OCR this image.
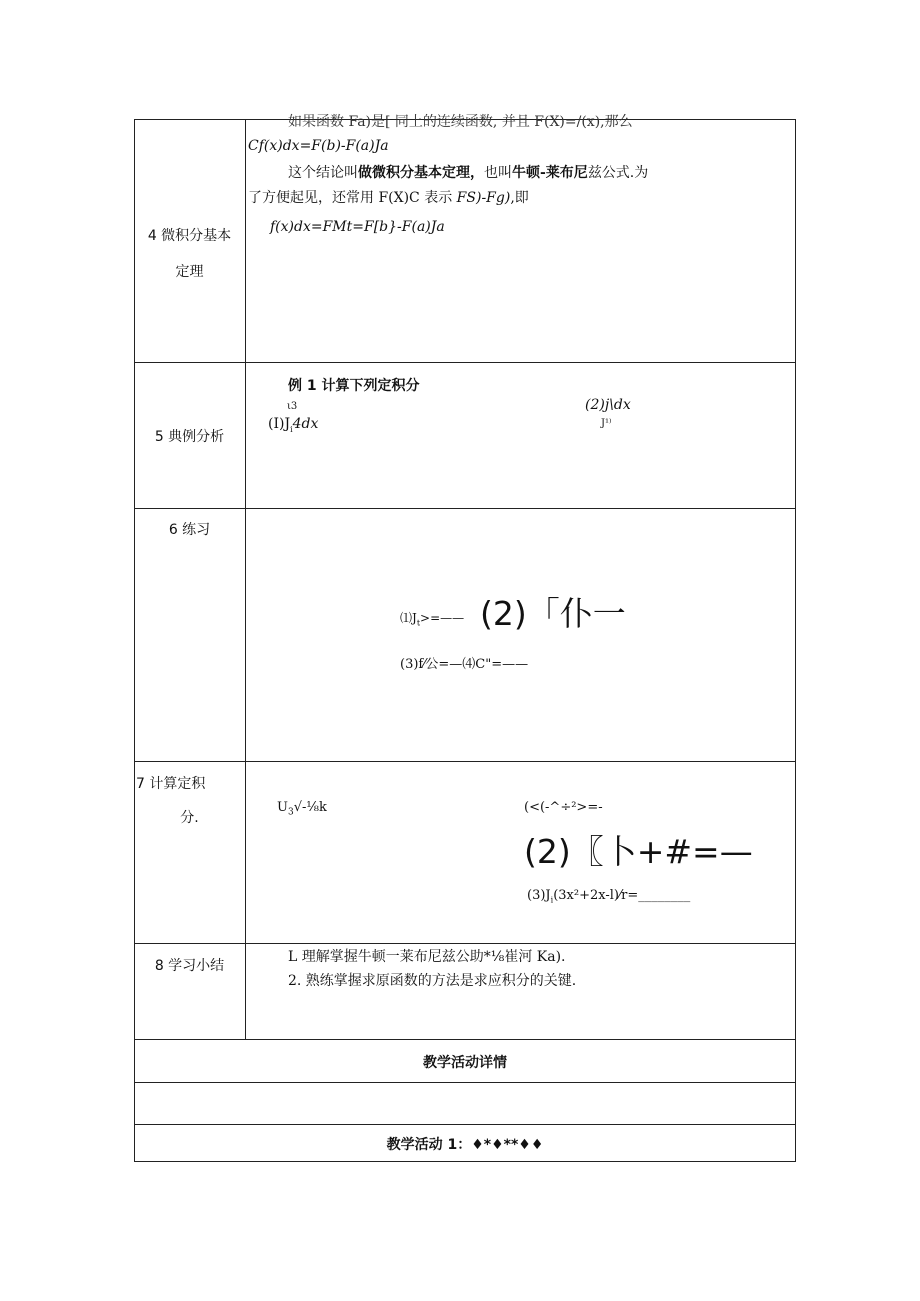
4 微积分基本
定理
如果函数 Fa)是[ 同上的连续函数, 并且 F(X)=/(x),那么
Cf(x)dx=F(b)-F(a)Ja
这个结论叫做微积分基本定理，也叫牛顿-莱布尼兹公式.为
了方便起见，还常用 F(X)C 表示 FS)-Fg),即
f(x)dx=FMt=F[b}-F(a)Ja
5 典例分析
例 1 计算下列定积分
ι3
$(I)J_i4dx$
(2)j\dx
J¹⁾
6 练习
$⑴J_t>=——$ (2)「仆一
(3)f⁄公=—⑷C"=——
7 计算定积
分.
$U_3√-\frac{1}{8}k$	(<(-^÷²>=-
(2)〖卜+#=—
$(3)J_i(3x^2+2x-l)⁄r=\_\_\_\_\_\_\_\_$
8 学习小结
L 理解掌握牛顿一莱布尼兹公助*⅛崔河 Ka).
2. 熟练掌握求原函数的方法是求应积分的关键.
教学活动详情
教学活动 1：♦*♦**♦♦
